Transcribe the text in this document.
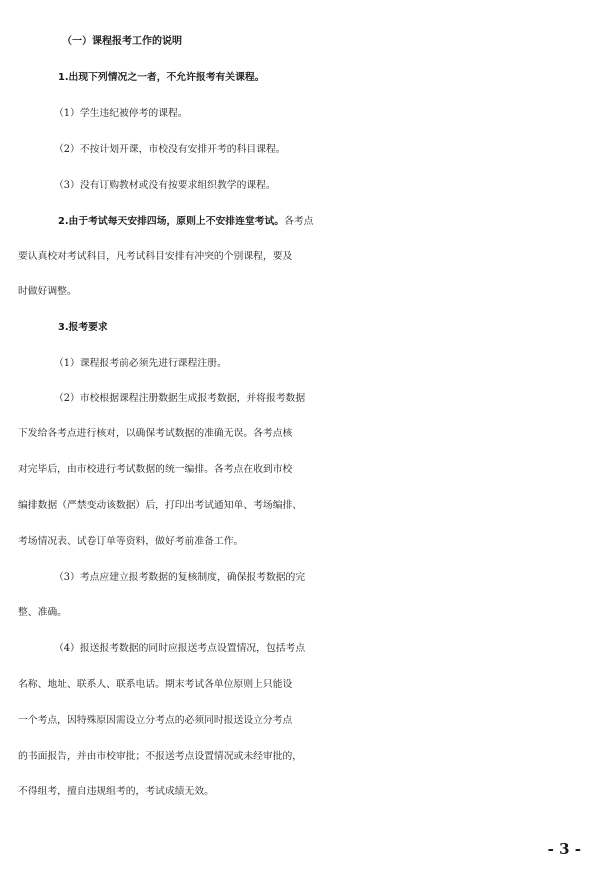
（一）课程报考工作的说明
1.出现下列情况之一者，不允许报考有关课程。
（1）学生违纪被停考的课程。
（2）不按计划开课，市校没有安排开考的科目课程。
（3）没有订购教材或没有按要求组织教学的课程。
2.由于考试每天安排四场，原则上不安排连堂考试。各考点
要认真校对考试科目，凡考试科目安排有冲突的个别课程，要及
时做好调整。
3.报考要求
（1）课程报考前必须先进行课程注册。
（2）市校根据课程注册数据生成报考数据，并将报考数据
下发给各考点进行核对，以确保考试数据的准确无误。各考点核
对完毕后，由市校进行考试数据的统一编排。各考点在收到市校
编排数据（严禁变动该数据）后，打印出考试通知单、考场编排、
考场情况表、试卷订单等资料，做好考前准备工作。
（3）考点应建立报考数据的复核制度，确保报考数据的完
整、准确。
（4）报送报考数据的同时应报送考点设置情况，包括考点
名称、地址、联系人、联系电话。期末考试各单位原则上只能设
一个考点，因特殊原因需设立分考点的必须同时报送设立分考点
的书面报告，并由市校审批；不报送考点设置情况或未经审批的，
不得组考，擅自违规组考的，考试成绩无效。
- 3 -
